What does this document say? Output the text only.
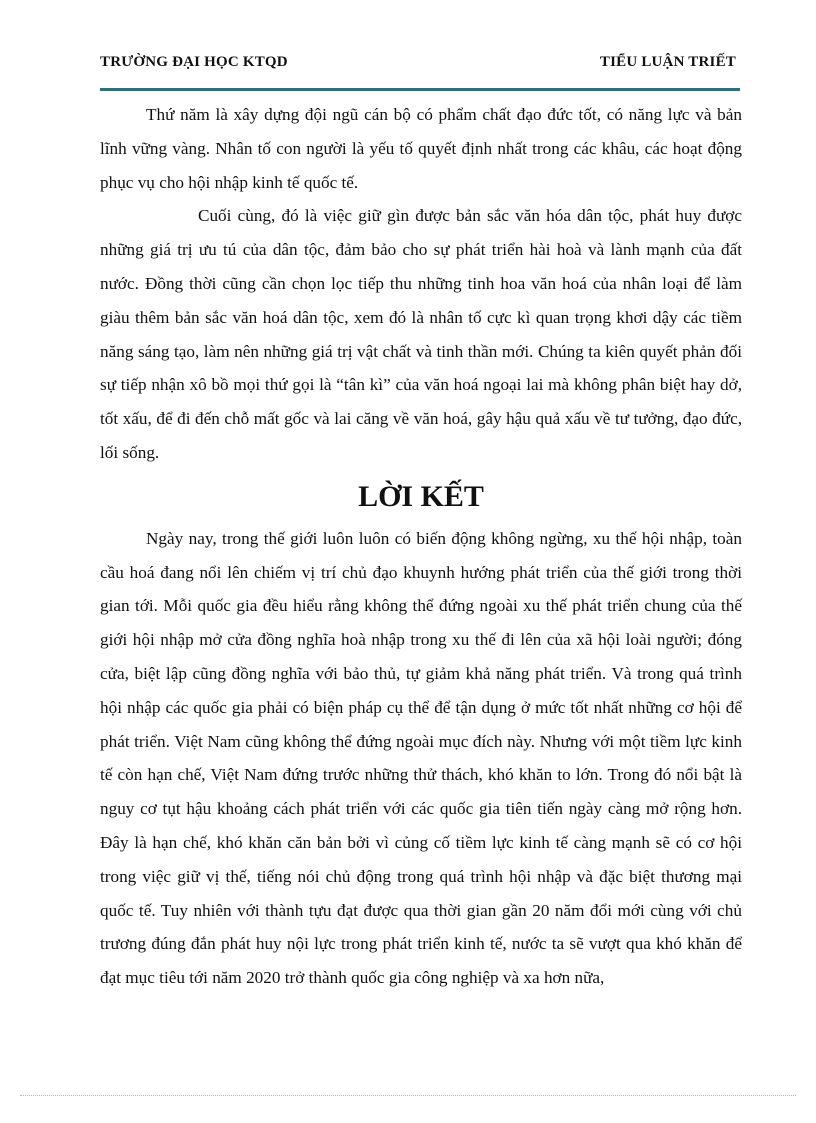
TRƯỜNG ĐẠI HỌC KTQD	TIỂU LUẬN TRIẾT

Thứ năm là xây dựng đội ngũ cán bộ có phẩm chất đạo đức tốt, có năng lực và bản lĩnh vững vàng. Nhân tố con người là yếu tố quyết định nhất trong các khâu, các hoạt động phục vụ cho hội nhập kinh tế quốc tế.

Cuối cùng, đó là việc giữ gìn được bản sắc văn hóa dân tộc, phát huy được những giá trị ưu tú của dân tộc, đảm bảo cho sự phát triển hài hoà và lành mạnh của đất nước. Đồng thời cũng cần chọn lọc tiếp thu những tinh hoa văn hoá của nhân loại để làm giàu thêm bản sắc văn hoá dân tộc, xem đó là nhân tố cực kì quan trọng khơi dậy các tiềm năng sáng tạo, làm nên những giá trị vật chất và tinh thần mới. Chúng ta kiên quyết phản đối sự tiếp nhận xô bồ mọi thứ gọi là “tân kì” của văn hoá ngoại lai mà không phân biệt hay dở, tốt xấu, để đi đến chỗ mất gốc và lai căng về văn hoá, gây hậu quả xấu về tư tưởng, đạo đức, lối sống.

LỜI KẾT

Ngày nay, trong thế giới luôn luôn có biến động không ngừng, xu thế hội nhập, toàn cầu hoá đang nổi lên chiếm vị trí chủ đạo khuynh hướng phát triển của thế giới trong thời gian tới. Mỗi quốc gia đều hiểu rằng không thể đứng ngoài xu thế phát triển chung của thế giới hội nhập mở cửa đồng nghĩa hoà nhập trong xu thế đi lên của xã hội loài người; đóng cửa, biệt lập cũng đồng nghĩa với bảo thủ, tự giảm khả năng phát triển. Và trong quá trình hội nhập các quốc gia phải có biện pháp cụ thể để tận dụng ở mức tốt nhất những cơ hội để phát triển. Việt Nam cũng không thể đứng ngoài mục đích này. Nhưng với một tiềm lực kinh tế còn hạn chế, Việt Nam đứng trước những thử thách, khó khăn to lớn. Trong đó nổi bật là nguy cơ tụt hậu khoảng cách phát triển với các quốc gia tiên tiến ngày càng mở rộng hơn. Đây là hạn chế, khó khăn căn bản bởi vì củng cố tiềm lực kinh tế càng mạnh sẽ có cơ hội trong việc giữ vị thế, tiếng nói chủ động trong quá trình hội nhập và đặc biệt thương mại quốc tế. Tuy nhiên với thành tựu đạt được qua thời gian gần 20 năm đổi mới cùng với chủ trương đúng đắn phát huy nội lực trong phát triển kinh tế, nước ta sẽ vượt qua khó khăn để đạt mục tiêu tới năm 2020 trở thành quốc gia công nghiệp và xa hơn nữa,
